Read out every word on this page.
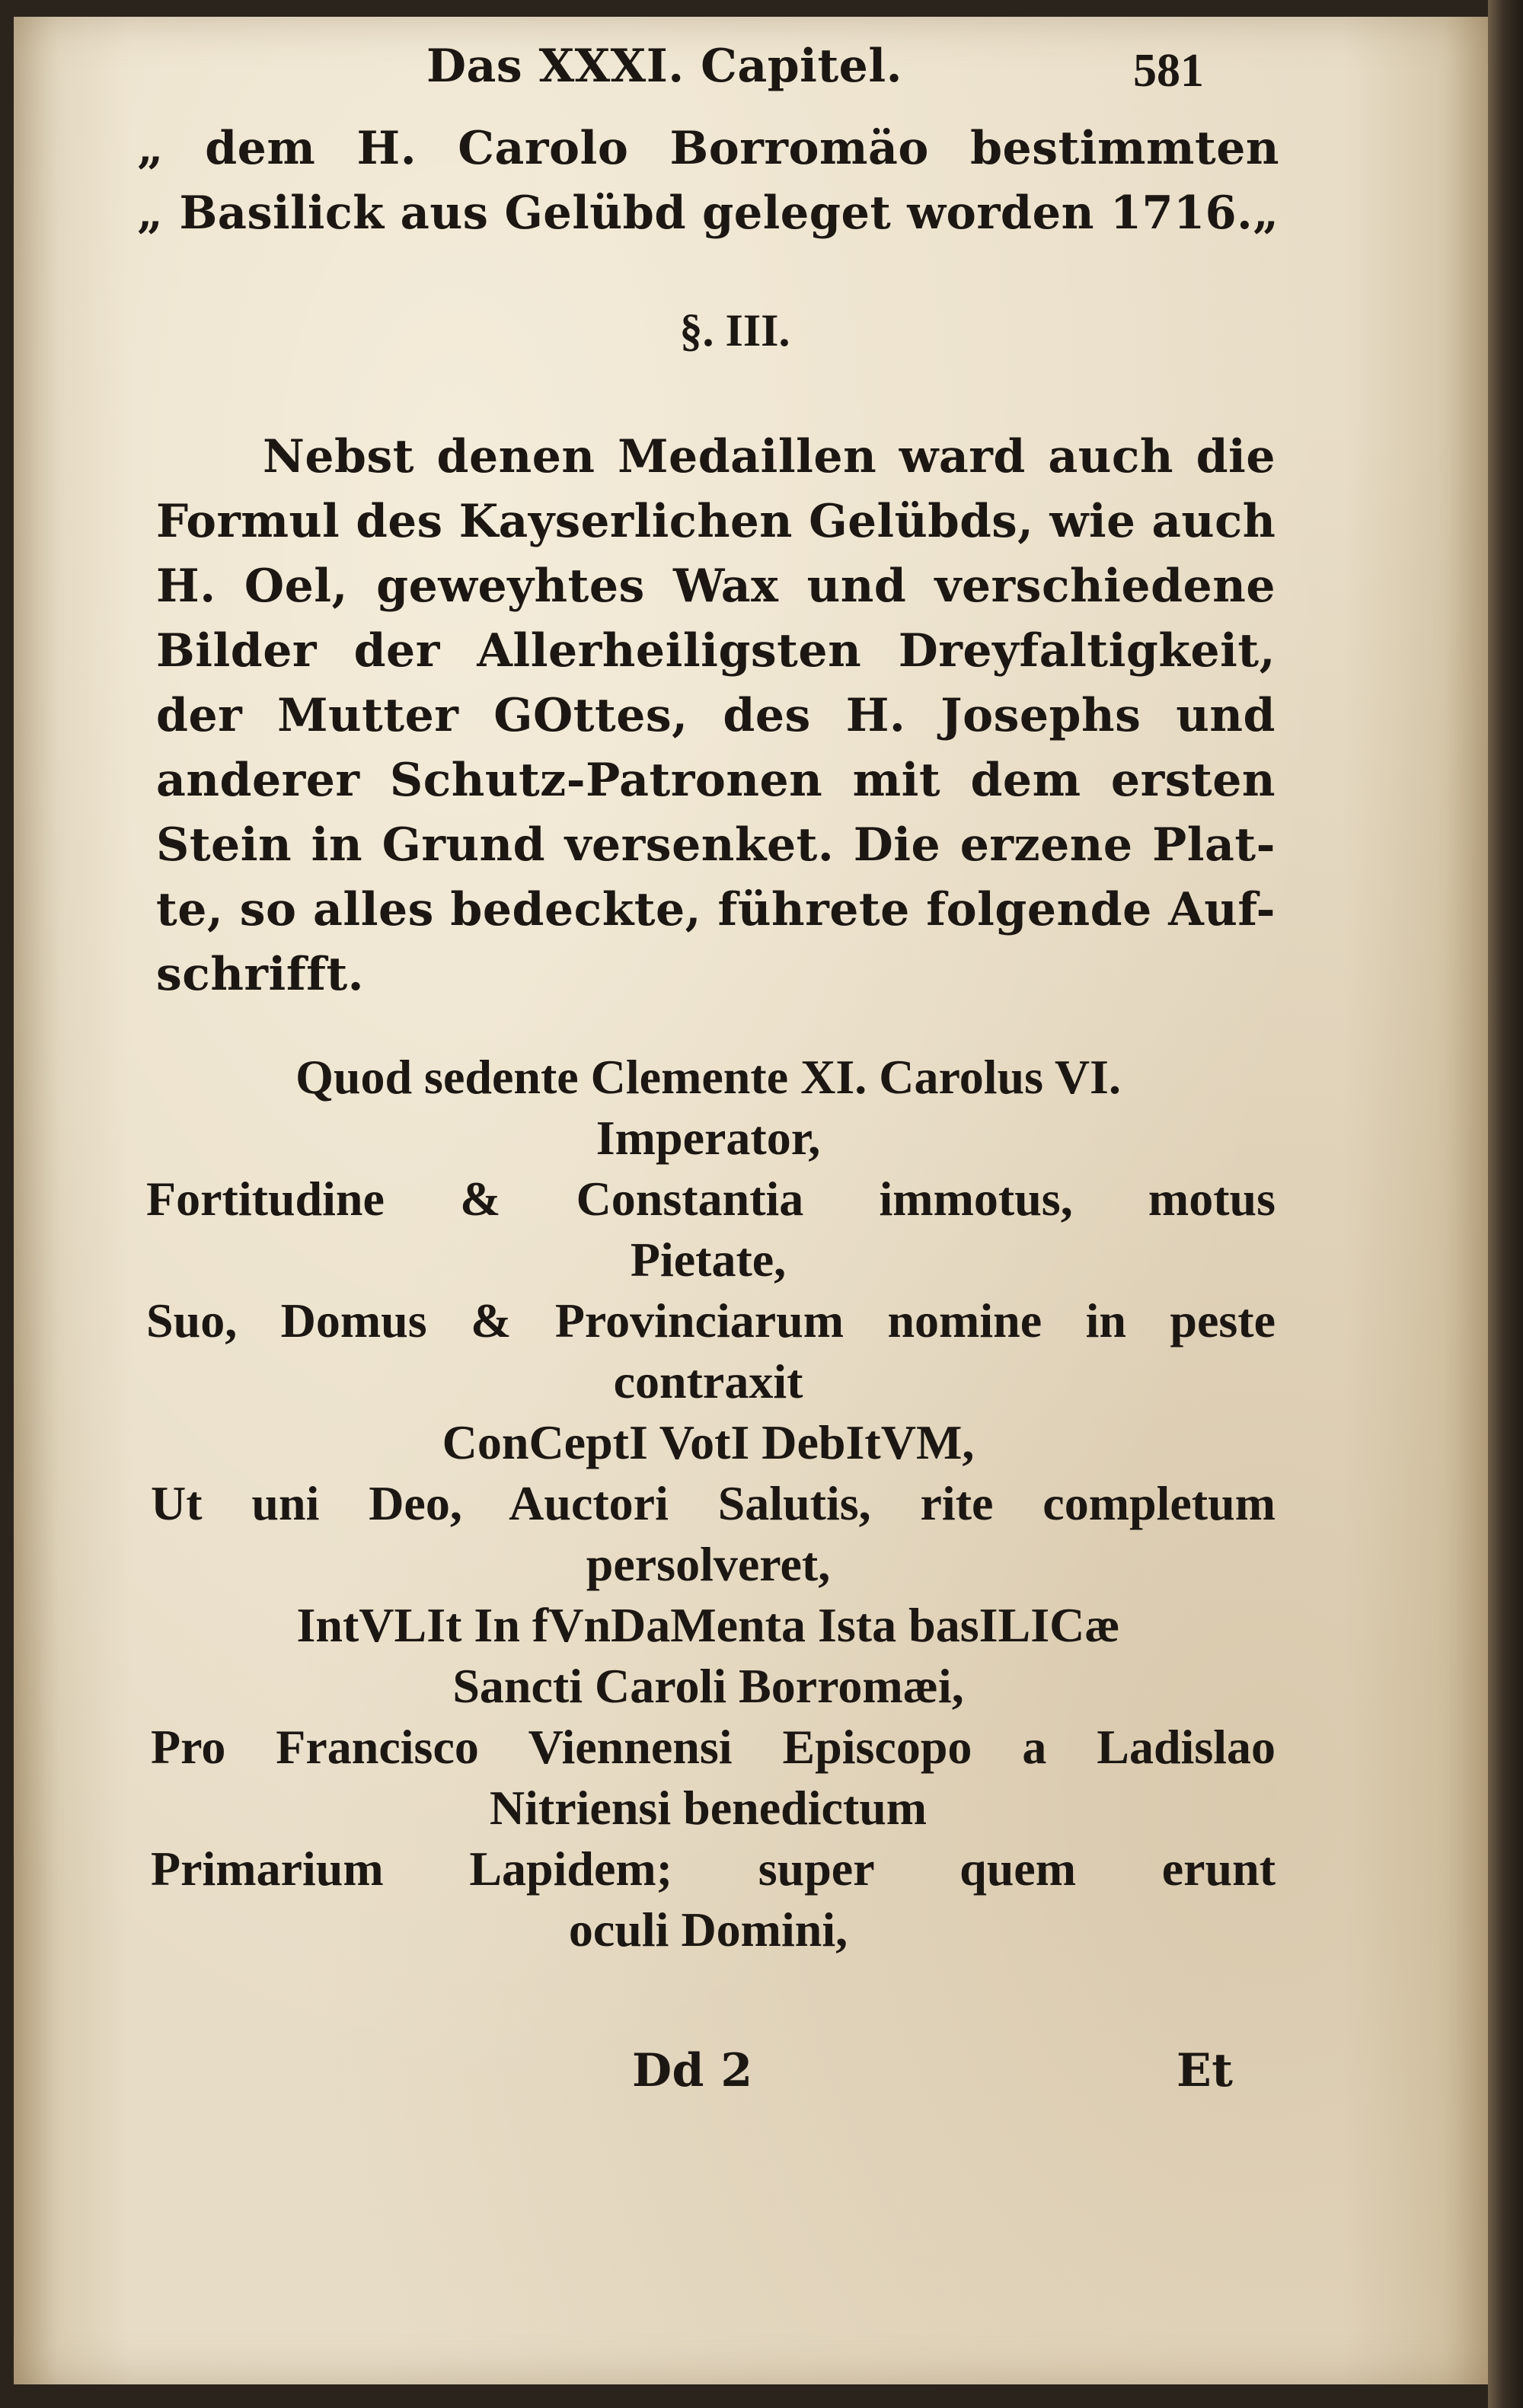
Das XXXI. Capitel.	581
„ dem H. Carolo Borromäo bestimmten
„ Basilick aus Gelübd geleget worden 1716.„
§. III.
Nebst denen Medaillen ward auch die
Formul des Kayserlichen Gelübds, wie auch
H. Oel, geweyhtes Wax und verschiedene
Bilder der Allerheiligsten Dreyfaltigkeit,
der Mutter GOttes, des H. Josephs und
anderer Schutz-Patronen mit dem ersten
Stein in Grund versenket. Die erzene Plat-
te, so alles bedeckte, führete folgende Auf-
schrifft.
Quod sedente Clemente XI. Carolus VI.
Imperator,
Fortitudine & Constantia immotus, motus
Pietate,
Suo, Domus & Provinciarum nomine in peste
contraxit
ConCeptI VotI DebItVM,
Ut uni Deo, Auctori Salutis, rite completum
persolveret,
IntVLIt In fVnDaMenta Ista basILICæ
Sancti Caroli Borromæi,
Pro Francisco Viennensi Episcopo a Ladislao
Nitriensi benedictum
Primarium Lapidem; super quem erunt
oculi Domini,
Dd 2	Et
